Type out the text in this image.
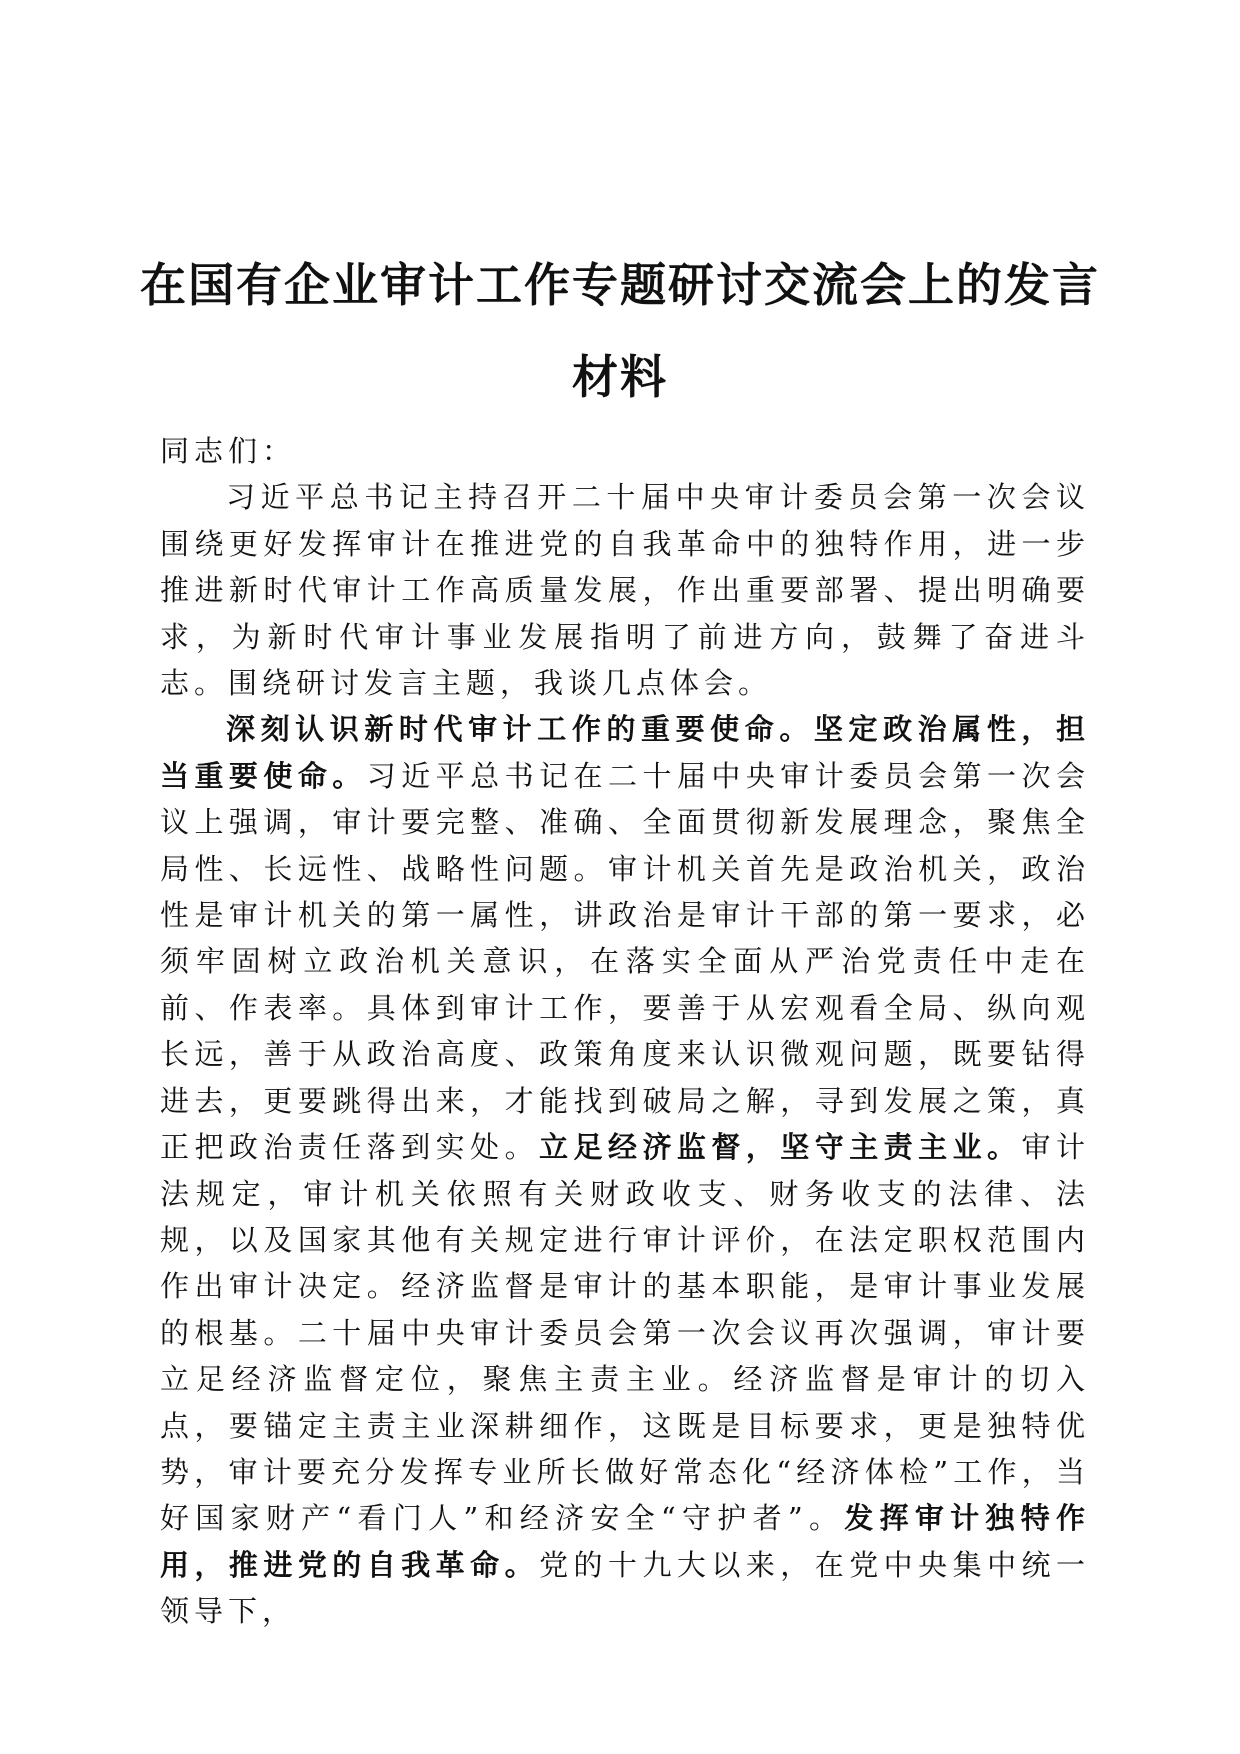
在国有企业审计工作专题研讨交流会上的发言
材料

同志们：

习近平总书记主持召开二十届中央审计委员会第一次会议围绕更好发挥审计在推进党的自我革命中的独特作用，进一步推进新时代审计工作高质量发展，作出重要部署、提出明确要求，为新时代审计事业发展指明了前进方向，鼓舞了奋进斗志。围绕研讨发言主题，我谈几点体会。

深刻认识新时代审计工作的重要使命。坚定政治属性，担当重要使命。习近平总书记在二十届中央审计委员会第一次会议上强调，审计要完整、准确、全面贯彻新发展理念，聚焦全局性、长远性、战略性问题。审计机关首先是政治机关，政治性是审计机关的第一属性，讲政治是审计干部的第一要求，必须牢固树立政治机关意识，在落实全面从严治党责任中走在前、作表率。具体到审计工作，要善于从宏观看全局、纵向观长远，善于从政治高度、政策角度来认识微观问题，既要钻得进去，更要跳得出来，才能找到破局之解，寻到发展之策，真正把政治责任落到实处。立足经济监督，坚守主责主业。审计法规定，审计机关依照有关财政收支、财务收支的法律、法规，以及国家其他有关规定进行审计评价，在法定职权范围内作出审计决定。经济监督是审计的基本职能，是审计事业发展的根基。二十届中央审计委员会第一次会议再次强调，审计要立足经济监督定位，聚焦主责主业。经济监督是审计的切入点，要锚定主责主业深耕细作，这既是目标要求，更是独特优势，审计要充分发挥专业所长做好常态化“经济体检”工作，当好国家财产“看门人”和经济安全“守护者”。发挥审计独特作用，推进党的自我革命。党的十九大以来，在党中央集中统一领导下，
